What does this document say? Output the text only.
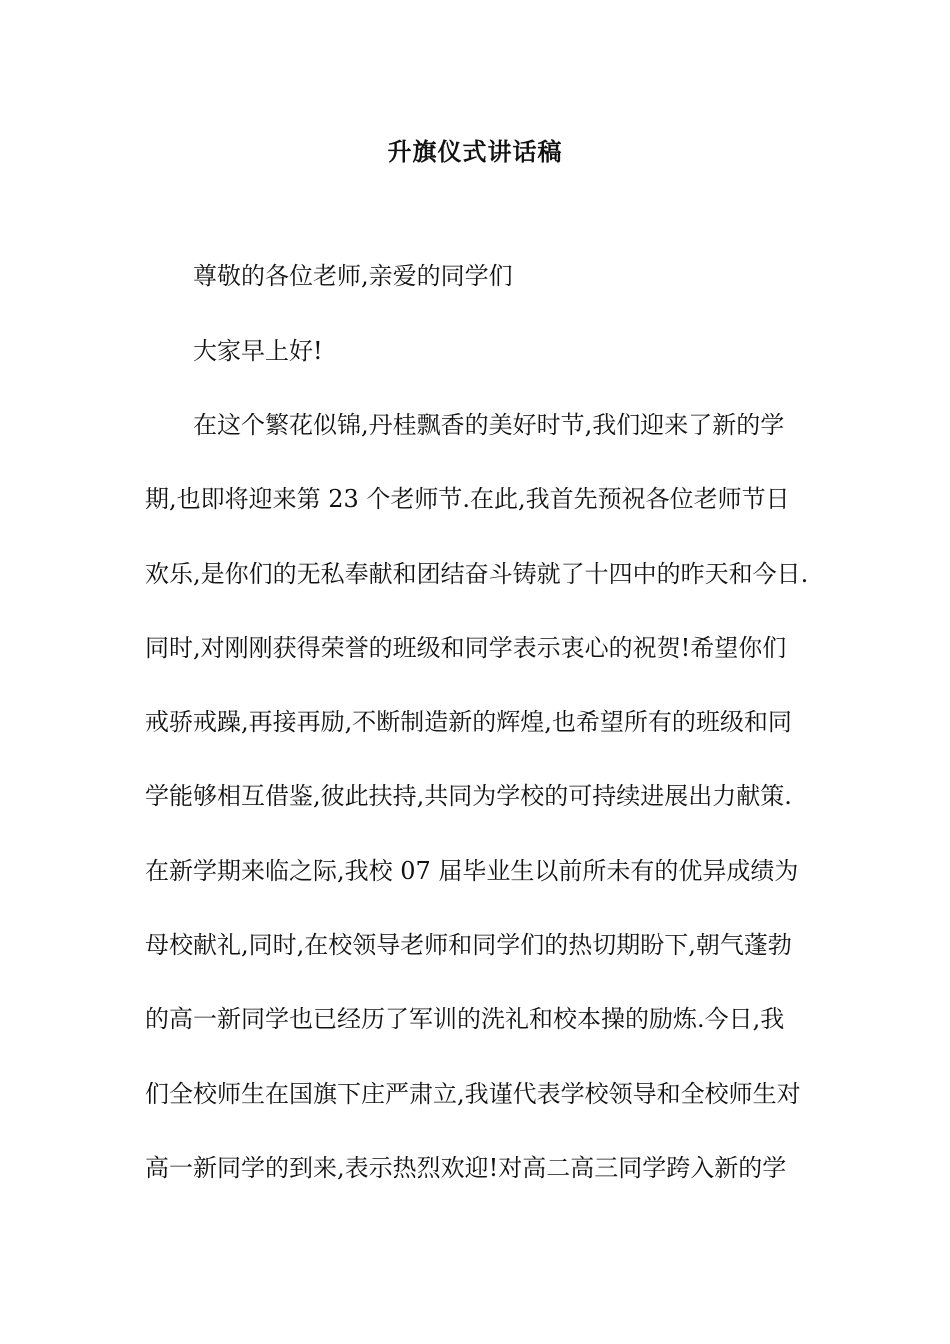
升旗仪式讲话稿
尊敬的各位老师,亲爱的同学们
大家早上好!
在这个繁花似锦,丹桂飘香的美好时节,我们迎来了新的学
期,也即将迎来第 23 个老师节.在此,我首先预祝各位老师节日
欢乐,是你们的无私奉献和团结奋斗铸就了十四中的昨天和今日.
同时,对刚刚获得荣誉的班级和同学表示衷心的祝贺!希望你们
戒骄戒躁,再接再励,不断制造新的辉煌,也希望所有的班级和同
学能够相互借鉴,彼此扶持,共同为学校的可持续进展出力献策.
在新学期来临之际,我校 07 届毕业生以前所未有的优异成绩为
母校献礼,同时,在校领导老师和同学们的热切期盼下,朝气蓬勃
的高一新同学也已经历了军训的洗礼和校本操的励炼.今日,我
们全校师生在国旗下庄严肃立,我谨代表学校领导和全校师生对
高一新同学的到来,表示热烈欢迎!对高二高三同学跨入新的学
